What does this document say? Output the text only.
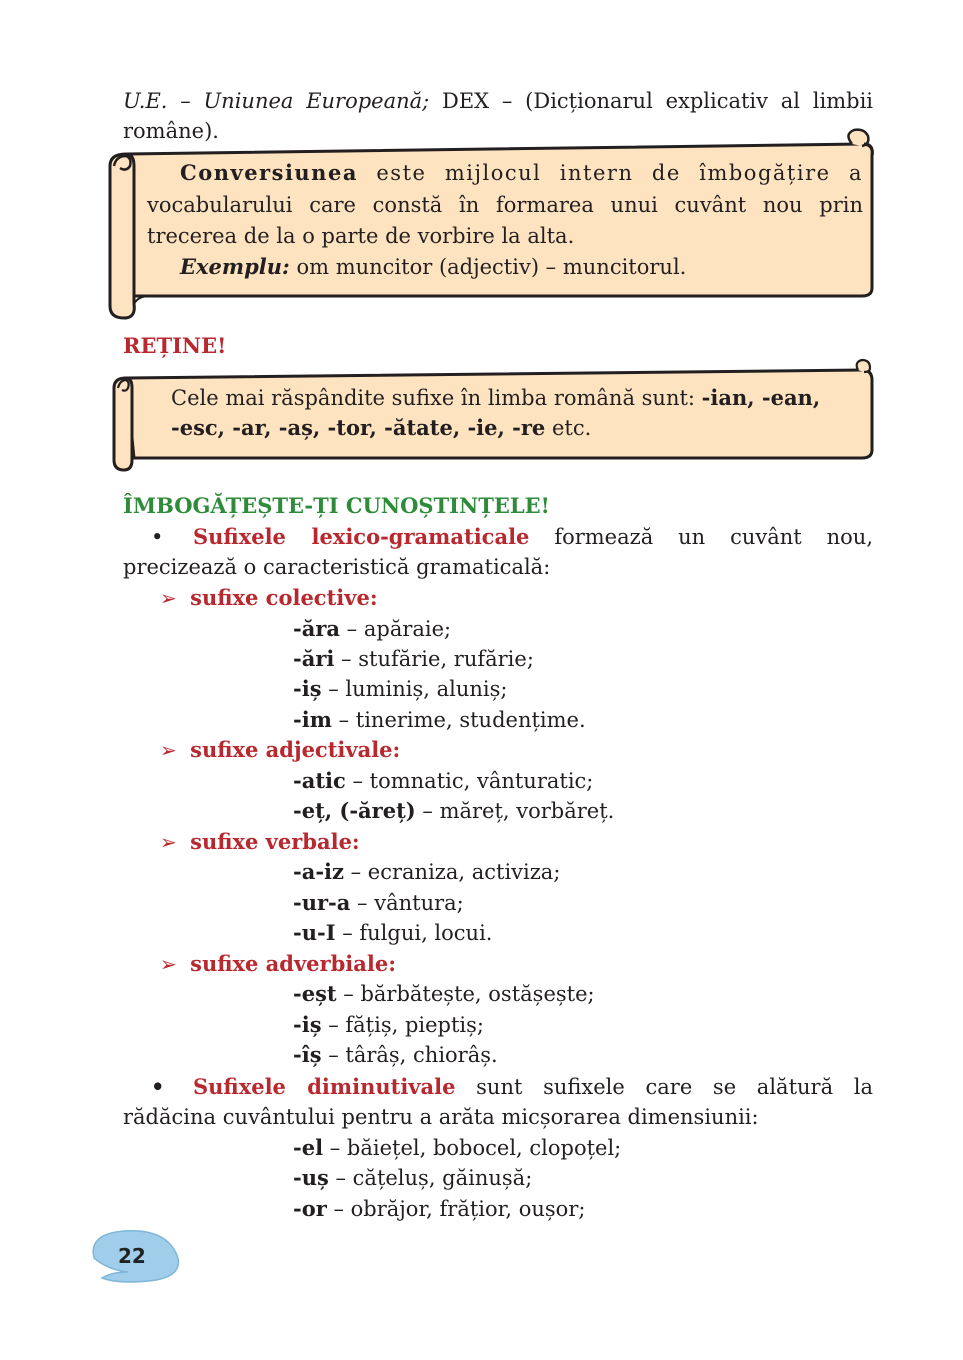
U.E. – Uniunea Europeană; DEX – (Dicționarul explicativ al limbii
române).
Conversiunea este mijlocul intern de îmbogățire a
vocabularului care constă în formarea unui cuvânt nou prin
trecerea de la o parte de vorbire la alta.
Exemplu: om muncitor (adjectiv) – muncitorul.
REȚINE!
Cele mai răspândite sufixe în limba română sunt: -ian, -ean,
-esc, -ar, -aș, -tor, -ătate, -ie, -re etc.
ÎMBOGĂȚEȘTE-ȚI CUNOȘTINȚELE!
• Sufixele lexico-gramaticale formează un cuvânt nou,
precizează o caracteristică gramaticală:
➢ sufixe colective:
-ăra – apăraie;
-ări – stufărie, rufărie;
-iș – luminiș, aluniș;
-im – tinerime, studențime.
➢ sufixe adjectivale:
-atic – tomnatic, vânturatic;
-eț, (-ăreț) – măreț, vorbăreț.
➢ sufixe verbale:
-a-iz – ecraniza, activiza;
-ur-a – vântura;
-u-I – fulgui, locui.
➢ sufixe adverbiale:
-eșt – bărbătește, ostășește;
-iș – fățiș, pieptiș;
-îș – târâș, chiorâș.
• Sufixele diminutivale sunt sufixele care se alătură la
rădăcina cuvântului pentru a arăta micșorarea dimensiunii:
-el – băiețel, bobocel, clopoțel;
-uș – cățeluș, găinușă;
-or – obrăjor, frățior, oușor;
22
